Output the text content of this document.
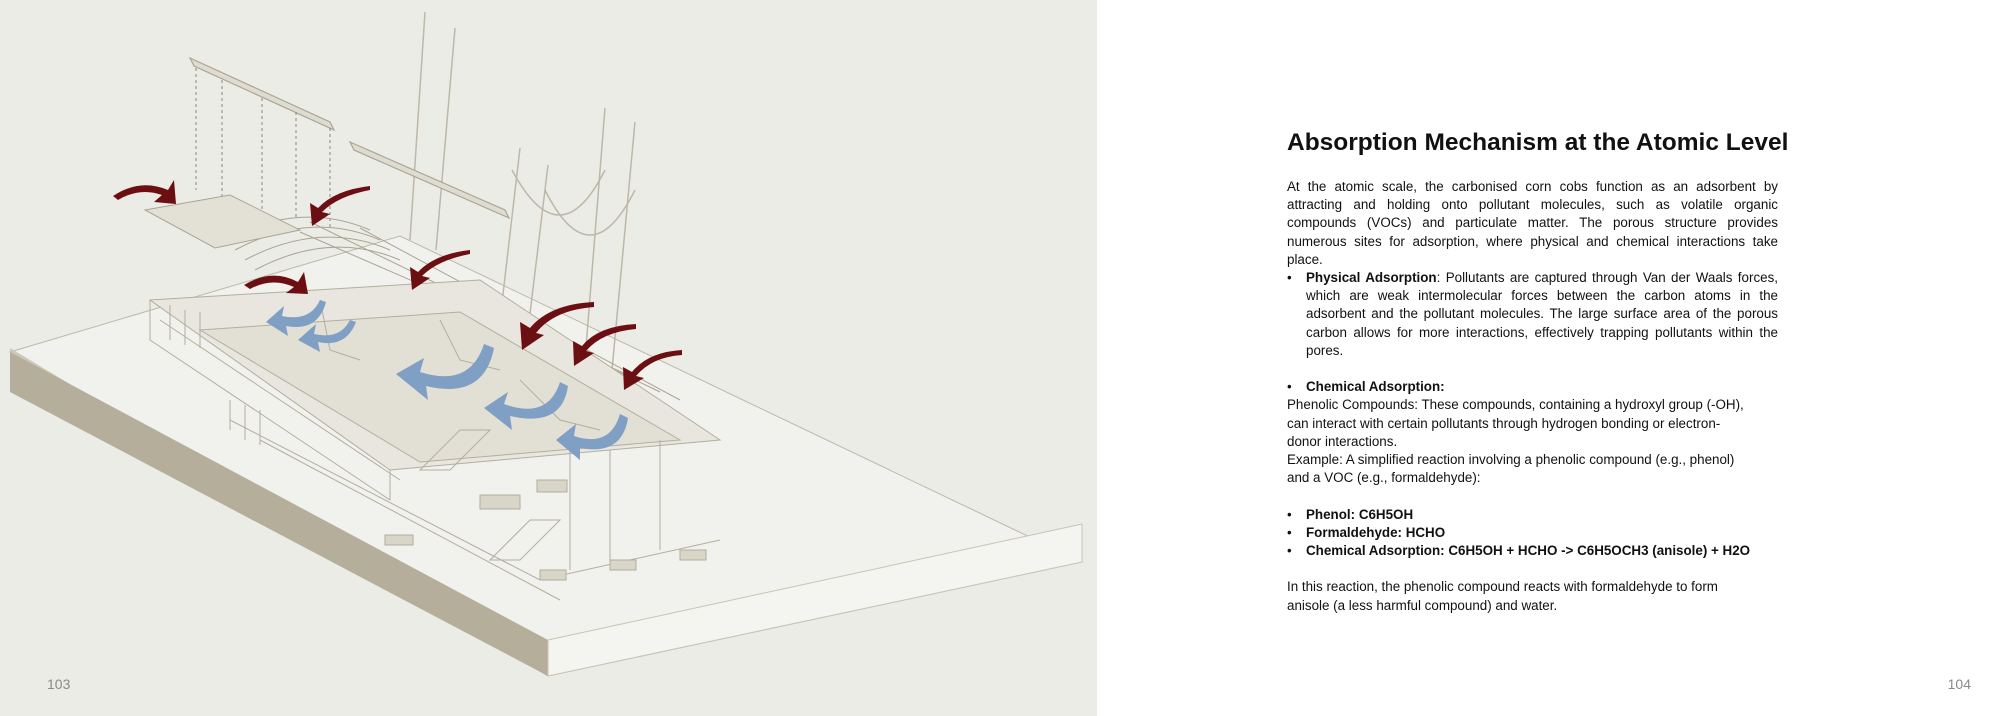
103
Absorption Mechanism at the Atomic Level

At the atomic scale, the carbonised corn cobs function as an adsorbent by attracting and holding onto pollutant molecules, such as volatile organic compounds (VOCs) and particulate matter. The porous structure provides numerous sites for adsorption, where physical and chemical interactions take place.

• Physical Adsorption: Pollutants are captured through Van der Waals forces, which are weak intermolecular forces between the carbon atoms in the adsorbent and the pollutant molecules. The large surface area of the porous carbon allows for more interactions, effectively trapping pollutants within the pores.
• Chemical Adsorption:

Phenolic Compounds: These compounds, containing a hydroxyl group (-OH),

can interact with certain pollutants through hydrogen bonding or electron-

donor interactions.

Example: A simplified reaction involving a phenolic compound (e.g., phenol)

and a VOC (e.g., formaldehyde):

• Phenol: C6H5OH
• Formaldehyde: HCHO
• Chemical Adsorption: C6H5OH + HCHO -> C6H5OCH3 (anisole) + H2O

In this reaction, the phenolic compound reacts with formaldehyde to form

anisole (a less harmful compound) and water.

104
